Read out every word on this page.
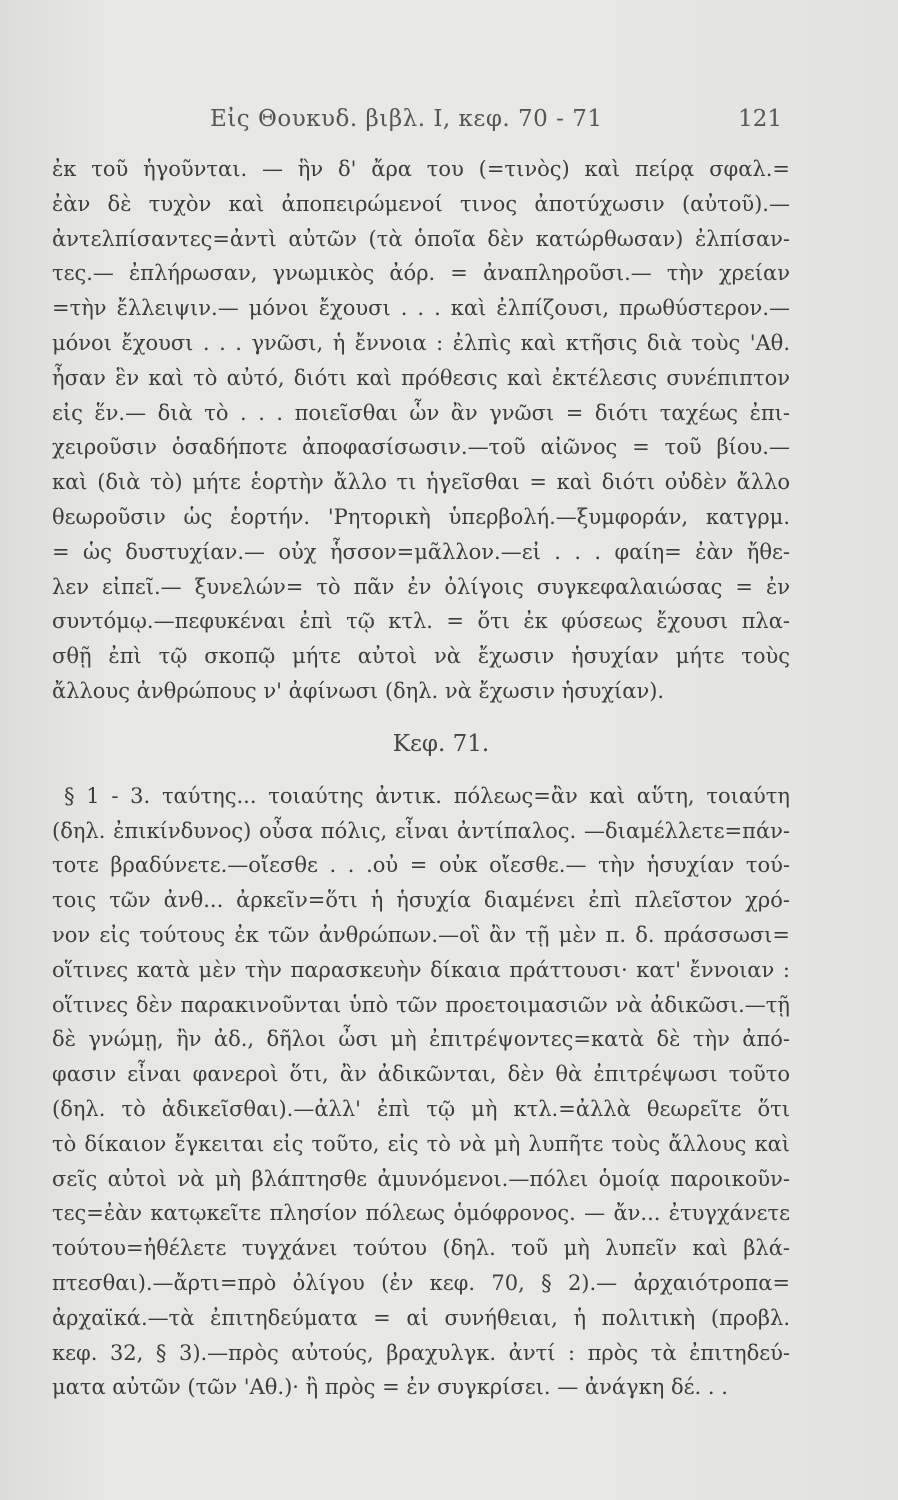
Εἰς Θουκυδ. βιβλ. I, κεφ. 70 - 71	121
ἐκ τοῦ ἡγοῦνται. — ἣν δ' ἄρα του (=τινὸς) καὶ πείρᾳ σφαλ.=
ἐὰν δὲ τυχὸν καὶ ἀποπειρώμενοί τινος ἀποτύχωσιν (αὐτοῦ).—
ἀντελπίσαντες=ἀντὶ αὐτῶν (τὰ ὁποῖα δὲν κατώρθωσαν) ἐλπίσαν-
τες.— ἐπλήρωσαν, γνωμικὸς ἀόρ. = ἀναπληροῦσι.— τὴν χρείαν
=τὴν ἔλλειψιν.— μόνοι ἔχουσι . . . καὶ ἐλπίζουσι, πρωθύστερον.—
μόνοι ἔχουσι . . . γνῶσι, ἡ ἔννοια : ἐλπὶς καὶ κτῆσις διὰ τοὺς 'Αθ.
ἦσαν ἓν καὶ τὸ αὐτό, διότι καὶ πρόθεσις καὶ ἐκτέλεσις συνέπιπτον
εἰς ἕν.— διὰ τὸ . . . ποιεῖσθαι ὧν ἂν γνῶσι = διότι ταχέως ἐπι-
χειροῦσιν ὁσαδήποτε ἀποφασίσωσιν.—τοῦ αἰῶνος = τοῦ βίου.—
καὶ (διὰ τὸ) μήτε ἑορτὴν ἄλλο τι ἡγεῖσθαι = καὶ διότι οὐδὲν ἄλλο
θεωροῦσιν ὡς ἑορτήν. 'Ρητορικὴ ὑπερβολή.—ξυμφοράν, κατγρμ.
= ὡς δυστυχίαν.— οὐχ ἧσσον=μᾶλλον.—εἰ . . . φαίη= ἐὰν ἤθε-
λεν εἰπεῖ.— ξυνελών= τὸ πᾶν ἐν ὀλίγοις συγκεφαλαιώσας = ἐν
συντόμῳ.—πεφυκέναι ἐπὶ τῷ κτλ. = ὅτι ἐκ φύσεως ἔχουσι πλα-
σθῇ ἐπὶ τῷ σκοπῷ μήτε αὐτοὶ νὰ ἔχωσιν ἡσυχίαν μήτε τοὺς
ἄλλους ἀνθρώπους ν' ἀφίνωσι (δηλ. νὰ ἔχωσιν ἡσυχίαν).
Κεφ. 71.
§ 1 - 3. ταύτης... τοιαύτης ἀντικ. πόλεως=ἂν καὶ αὕτη, τοιαύτη
(δηλ. ἐπικίνδυνος) οὖσα πόλις, εἶναι ἀντίπαλος. —διαμέλλετε=πάν-
τοτε βραδύνετε.—οἴεσθε . . .οὐ = οὐκ οἴεσθε.— τὴν ἡσυχίαν τού-
τοις τῶν ἀνθ... ἀρκεῖν=ὅτι ἡ ἡσυχία διαμένει ἐπὶ πλεῖστον χρό-
νον εἰς τούτους ἐκ τῶν ἀνθρώπων.—οἳ ἂν τῇ μὲν π. δ. πράσσωσι=
οἵτινες κατὰ μὲν τὴν παρασκευὴν δίκαια πράττουσι· κατ' ἔννοιαν :
οἵτινες δὲν παρακινοῦνται ὑπὸ τῶν προετοιμασιῶν νὰ ἀδικῶσι.—τῇ
δὲ γνώμῃ, ἢν ἀδ., δῆλοι ὦσι μὴ ἐπιτρέψοντες=κατὰ δὲ τὴν ἀπό-
φασιν εἶναι φανεροὶ ὅτι, ἂν ἀδικῶνται, δὲν θὰ ἐπιτρέψωσι τοῦτο
(δηλ. τὸ ἀδικεῖσθαι).—ἀλλ' ἐπὶ τῷ μὴ κτλ.=ἀλλὰ θεωρεῖτε ὅτι
τὸ δίκαιον ἔγκειται εἰς τοῦτο, εἰς τὸ νὰ μὴ λυπῆτε τοὺς ἄλλους καὶ
σεῖς αὐτοὶ νὰ μὴ βλάπτησθε ἀμυνόμενοι.—πόλει ὁμοίᾳ παροικοῦν-
τες=ἐὰν κατῳκεῖτε πλησίον πόλεως ὁμόφρονος. — ἄν... ἐτυγχάνετε
τούτου=ἠθέλετε τυγχάνει τούτου (δηλ. τοῦ μὴ λυπεῖν καὶ βλά-
πτεσθαι).—ἄρτι=πρὸ ὀλίγου (ἐν κεφ. 70, § 2).— ἀρχαιότροπα=
ἀρχαϊκά.—τὰ ἐπιτηδεύματα = αἱ συνήθειαι, ἡ πολιτικὴ (προβλ.
κεφ. 32, § 3).—πρὸς αὐτούς, βραχυλγκ. ἀντί : πρὸς τὰ ἐπιτηδεύ-
ματα αὐτῶν (τῶν 'Αθ.)· ἢ πρὸς = ἐν συγκρίσει. — ἀνάγκη δέ. . .
